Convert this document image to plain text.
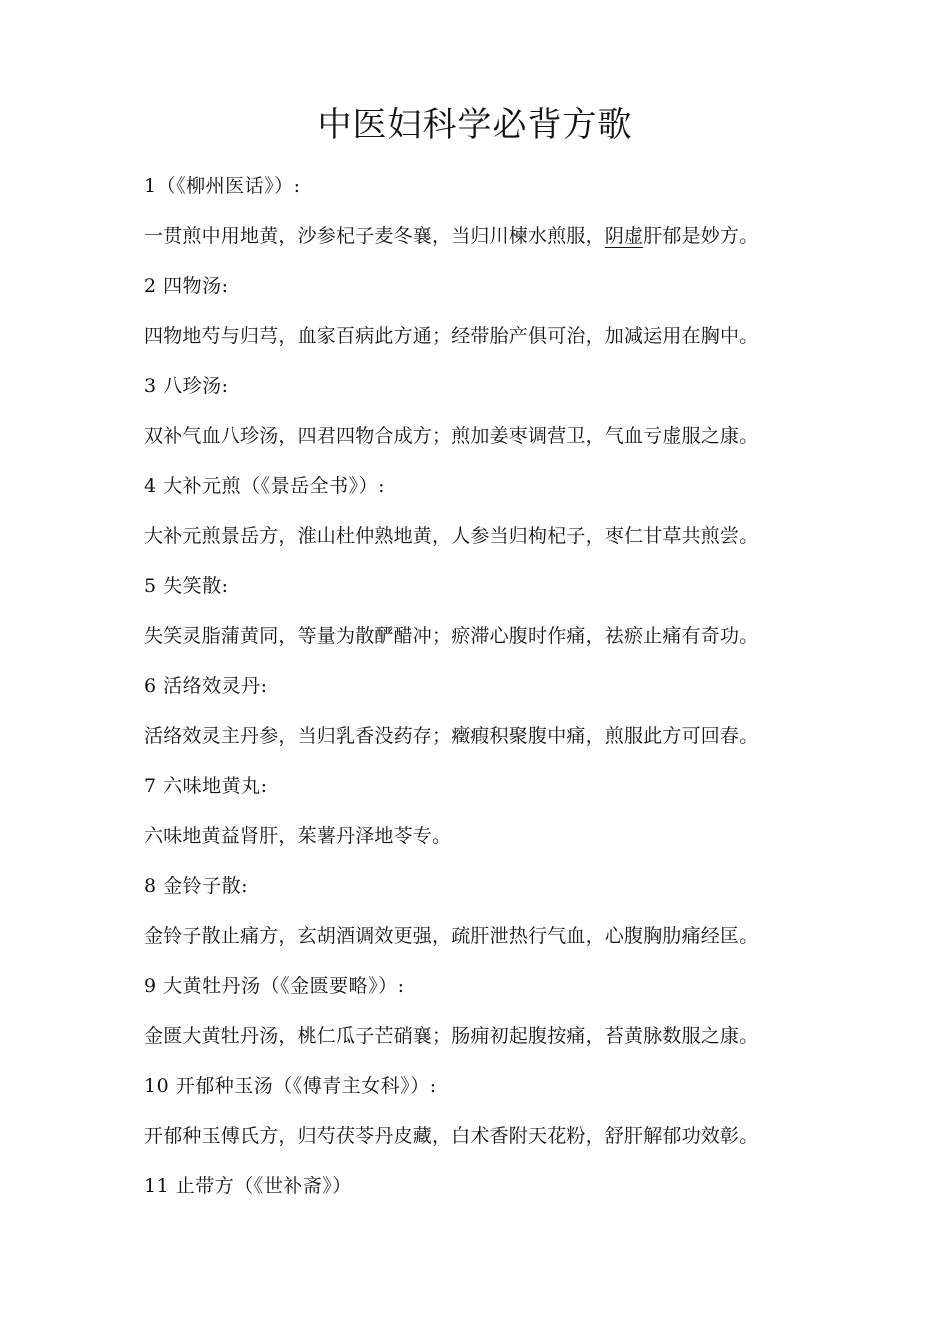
中医妇科学必背方歌
1（《柳州医话》）:
一贯煎中用地黄，沙参杞子麦冬襄，当归川楝水煎服，阴虚肝郁是妙方。
2 四物汤:
四物地芍与归芎，血家百病此方通；经带胎产俱可治，加减运用在胸中。
3 八珍汤:
双补气血八珍汤，四君四物合成方；煎加姜枣调营卫，气血亏虚服之康。
4 大补元煎（《景岳全书》）:
大补元煎景岳方，淮山杜仲熟地黄，人参当归枸杞子，枣仁甘草共煎尝。
5 失笑散:
失笑灵脂蒲黄同，等量为散酽醋冲；瘀滞心腹时作痛，祛瘀止痛有奇功。
6 活络效灵丹:
活络效灵主丹参，当归乳香没药存；癥瘕积聚腹中痛，煎服此方可回春。
7 六味地黄丸:
六味地黄益肾肝，茱薯丹泽地苓专。
8 金铃子散:
金铃子散止痛方，玄胡酒调效更强，疏肝泄热行气血，心腹胸肋痛经匡。
9 大黄牡丹汤（《金匮要略》）:
金匮大黄牡丹汤，桃仁瓜子芒硝襄；肠痈初起腹按痛，苔黄脉数服之康。
10 开郁种玉汤（《傅青主女科》）:
开郁种玉傅氏方，归芍茯苓丹皮藏，白术香附天花粉，舒肝解郁功效彰。
11 止带方（《世补斋》）
